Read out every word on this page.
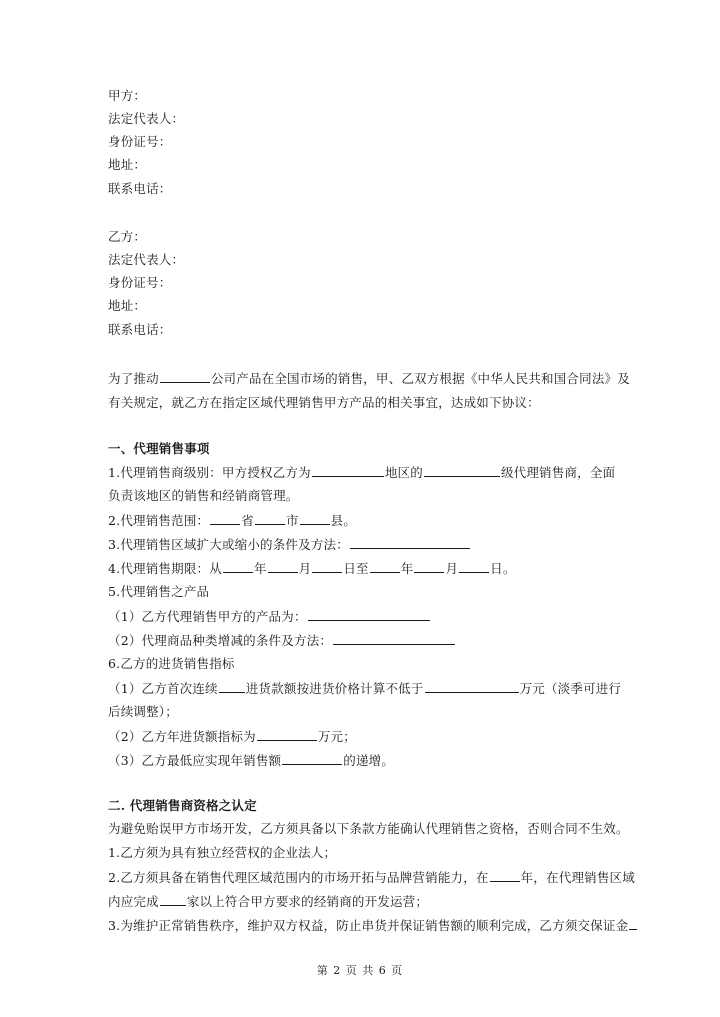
甲方：
法定代表人：
身份证号：
地址：
联系电话：
乙方：
法定代表人：
身份证号：
地址：
联系电话：
为了推动	公司产品在全国市场的销售，甲、乙双方根据《中华人民共和国合同法》及
有关规定，就乙方在指定区域代理销售甲方产品的相关事宜，达成如下协议：
一、代理销售事项
1.代理销售商级别：甲方授权乙方为	地区的	级代理销售商，全面
负责该地区的销售和经销商管理。
2.代理销售范围：	省	市	县。
3.代理销售区域扩大或缩小的条件及方法：
4.代理销售期限：从	年	月	日至	年	月	日。
5.代理销售之产品
（1）乙方代理销售甲方的产品为：
（2）代理商品种类增减的条件及方法：
6.乙方的进货销售指标
（1）乙方首次连续 进货款额按进货价格计算不低于	万元（淡季可进行
后续调整）；
（2）乙方年进货额指标为	万元；
（3）乙方最低应实现年销售额	的递增。
二. 代理销售商资格之认定
为避免贻误甲方市场开发，乙方须具备以下条款方能确认代理销售之资格，否则合同不生效。
1.乙方须为具有独立经营权的企业法人；
2.乙方须具备在销售代理区域范围内的市场开拓与品牌营销能力，在	年，在代理销售区域
内应完成 家以上符合甲方要求的经销商的开发运营；
3.为维护正常销售秩序，维护双方权益，防止串货并保证销售额的顺利完成，乙方须交保证金
第 2 页 共 6 页
